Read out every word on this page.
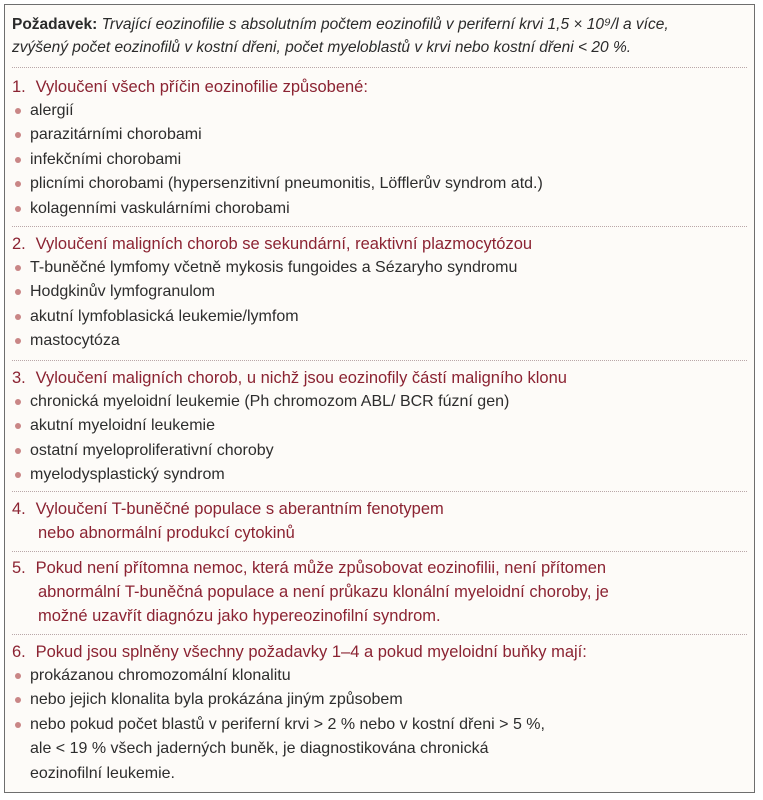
Požadavek: Trvající eozinofilie s absolutním počtem eozinofilů v periferní krvi 1,5 × 10⁹/l a více,
zvýšený počet eozinofilů v kostní dřeni, počet myeloblastů v krvi nebo kostní dřeni < 20 %.
1. Vyloučení všech příčin eozinofilie způsobené:
alergií
parazitárními chorobami
infekčními chorobami
plicními chorobami (hypersenzitivní pneumonitis, Löfflerův syndrom atd.)
kolagenními vaskulárními chorobami
2. Vyloučení maligních chorob se sekundární, reaktivní plazmocytózou
T-buněčné lymfomy včetně mykosis fungoides a Sézaryho syndromu
Hodgkinův lymfogranulom
akutní lymfoblasická leukemie/lymfom
mastocytóza
3. Vyloučení maligních chorob, u nichž jsou eozinofily částí maligního klonu
chronická myeloidní leukemie (Ph chromozom ABL/ BCR fúzní gen)
akutní myeloidní leukemie
ostatní myeloproliferativní choroby
myelodysplastický syndrom
4. Vyloučení T-buněčné populace s aberantním fenotypem
nebo abnormální produkcí cytokinů
5. Pokud není přítomna nemoc, která může způsobovat eozinofilii, není přítomen
abnormální T-buněčná populace a není průkazu klonální myeloidní choroby, je
možné uzavřít diagnózu jako hypereozinofilní syndrom.
6. Pokud jsou splněny všechny požadavky 1–4 a pokud myeloidní buňky mají:
prokázanou chromozomální klonalitu
nebo jejich klonalita byla prokázána jiným způsobem
nebo pokud počet blastů v periferní krvi > 2 % nebo v kostní dřeni > 5 %,
ale < 19 % všech jaderných buněk, je diagnostikována chronická
eozinofilní leukemie.
